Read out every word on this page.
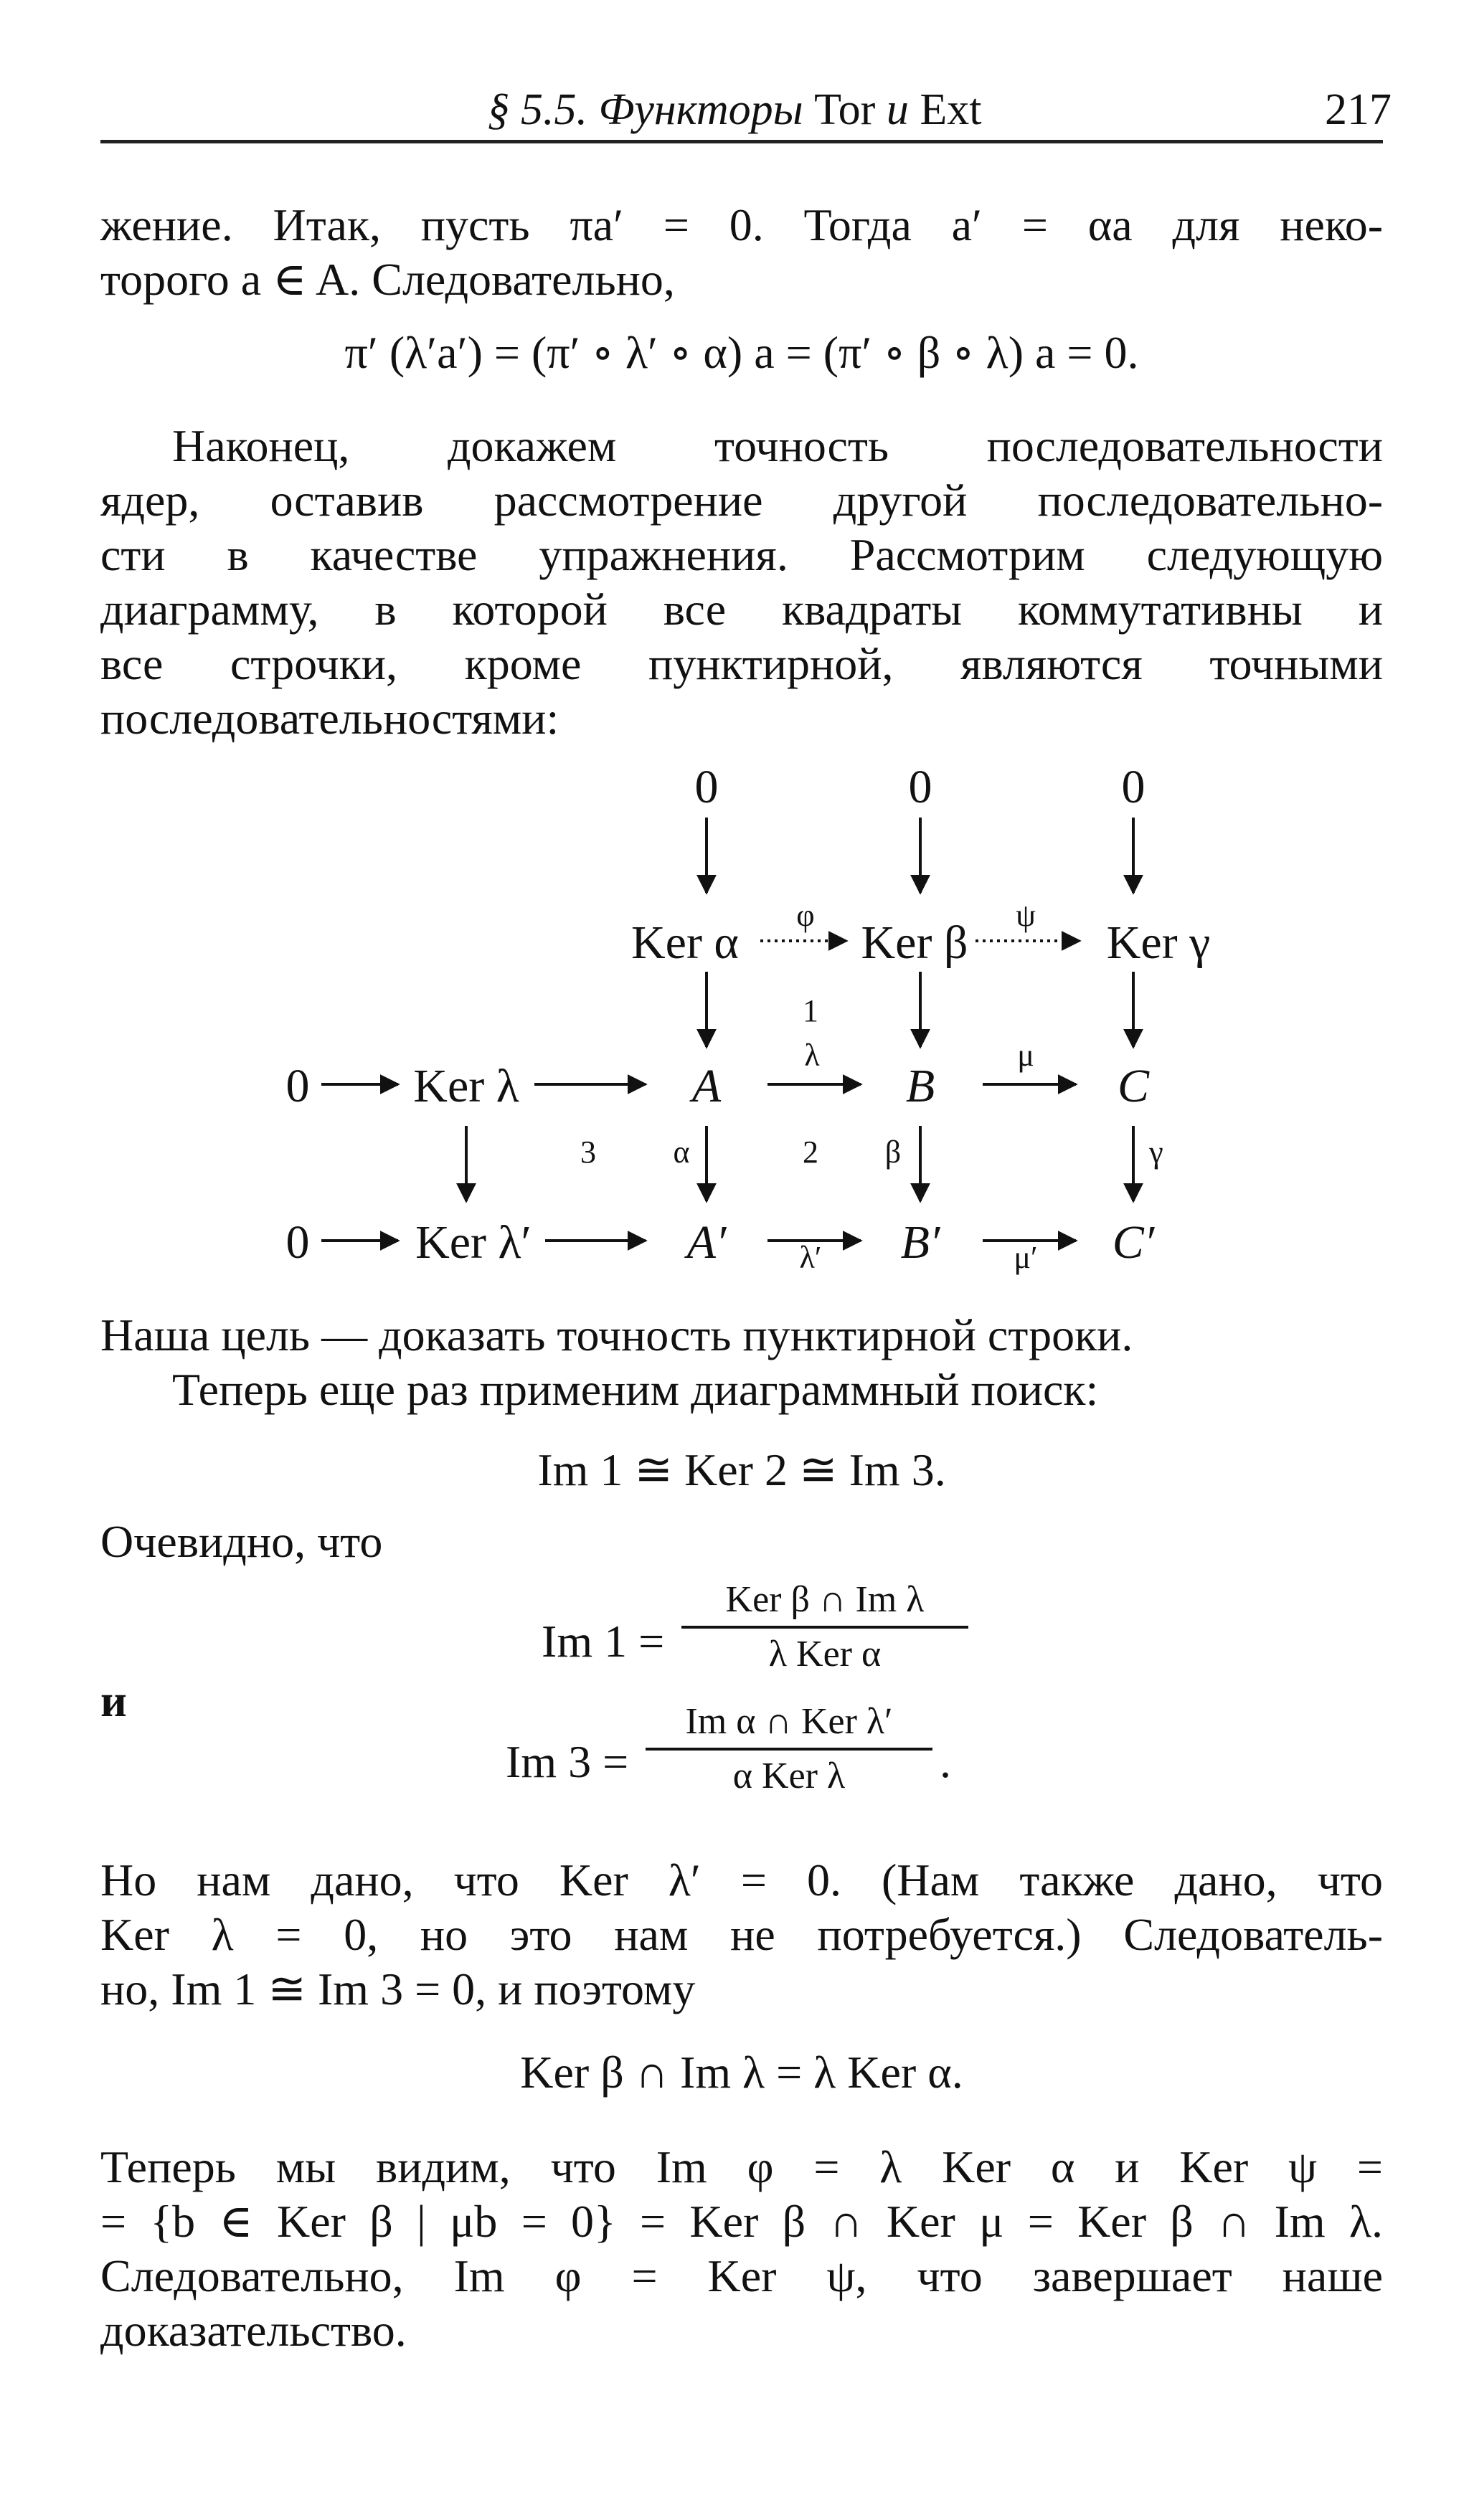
§ 5.5. Функторы Tor и Ext	217
жение. Итак, пусть πa′ = 0. Тогда a′ = αa для неко-
торого a ∈ A. Следовательно,
π′ (λ′a′) = (π′ ∘ λ′ ∘ α) a = (π′ ∘ β ∘ λ) a = 0.
Наконец, докажем точность последовательности
ядер, оставив рассмотрение другой последовательно-
сти в качестве упражнения. Рассмотрим следующую
диаграмму, в которой все квадраты коммутативны и
все строчки, кроме пунктирной, являются точными
последовательностями:
0	0	0
Ker α	Ker β	Ker γ
φ	ψ
1
0 Ker λ	A	B	C
λ	μ
3 α	2 β	γ
0 Ker λ′	A′	B′	C′
λ′	μ′
Наша цель — доказать точность пунктирной строки.
Теперь еще раз применим диаграммный поиск:
Im 1 ≅ Ker 2 ≅ Im 3.
Очевидно, что
Im 1 =
Ker β ∩ Im λ
λ Ker α
и
Im 3 =
Im α ∩ Ker λ′
α Ker λ	.
Но нам дано, что Ker λ′ = 0. (Нам также дано, что
Ker λ = 0, но это нам не потребуется.) Следователь-
но, Im 1 ≅ Im 3 = 0, и поэтому
Ker β ∩ Im λ = λ Ker α.
Теперь мы видим, что Im φ = λ Ker α и Ker ψ =
= {b ∈ Ker β | μb = 0} = Ker β ∩ Ker μ = Ker β ∩ Im λ.
Следовательно, Im φ = Ker ψ, что завершает наше
доказательство.
